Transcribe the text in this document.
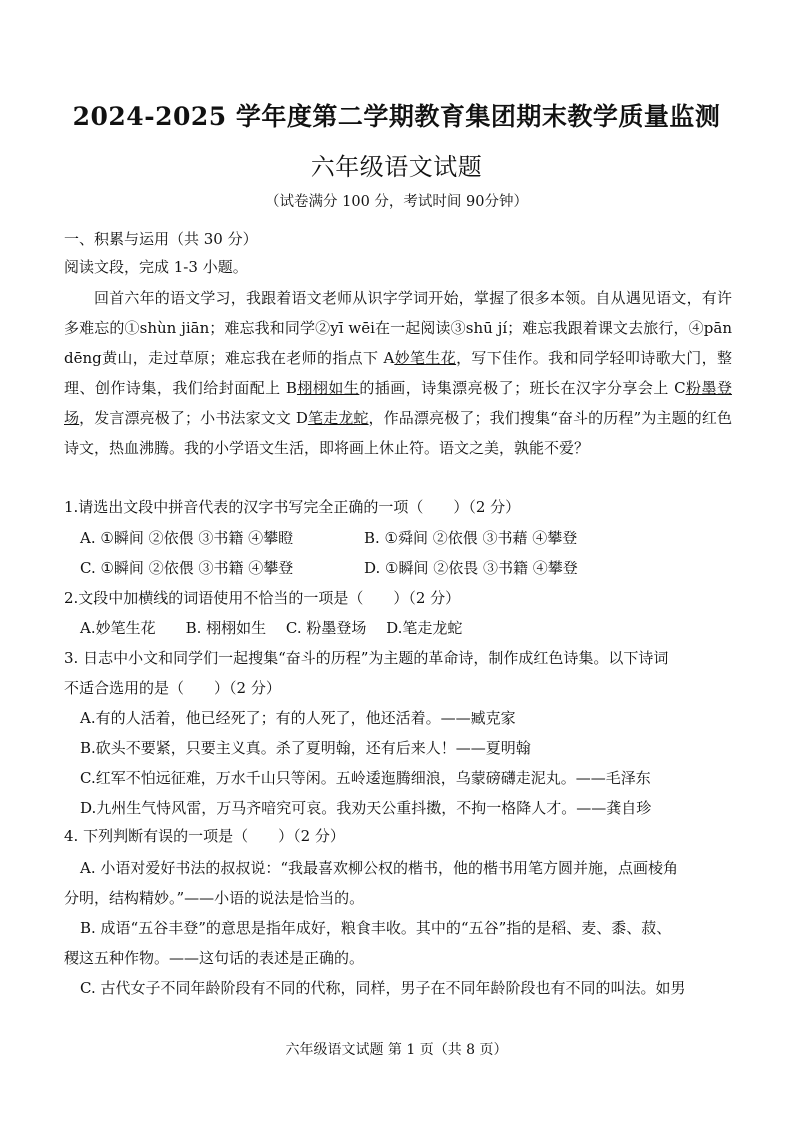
2024-2025 学年度第二学期教育集团期末教学质量监测
六年级语文试题
（试卷满分 100 分，考试时间 90分钟）
一、积累与运用（共 30 分）
阅读文段，完成 1-3 小题。
回首六年的语文学习，我跟着语文老师从识字学词开始，掌握了很多本领。自从遇见语文，有许多难忘的①shùn jiān；难忘我和同学②yī wēi在一起阅读③shū jí；难忘我跟着课文去旅行，④pān dēng黄山，走过草原；难忘我在老师的指点下 A妙笔生花，写下佳作。我和同学轻叩诗歌大门，整理、创作诗集，我们给封面配上 B栩栩如生的插画，诗集漂亮极了；班长在汉字分享会上 C粉墨登场，发言漂亮极了；小书法家文文 D笔走龙蛇，作品漂亮极了；我们搜集“奋斗的历程”为主题的红色诗文，热血沸腾。我的小学语文生活，即将画上休止符。语文之美，孰能不爱？
1.请选出文段中拼音代表的汉字书写完全正确的一项（　　）（2 分）
A. ①瞬间 ②依偎 ③书籍 ④攀瞪	B. ①舜间 ②依偎 ③书藉 ④攀登
C. ①瞬间 ②依偎 ③书籍 ④攀登	D. ①瞬间 ②依畏 ③书籍 ④攀登
2.文段中加横线的词语使用不恰当的一项是（　　）（2 分）
A.妙笔生花　　B. 栩栩如生　 C. 粉墨登场　 D.笔走龙蛇
3. 日志中小文和同学们一起搜集“奋斗的历程”为主题的革命诗，制作成红色诗集。以下诗词
不适合选用的是（　　）（2 分）
A.有的人活着，他已经死了；有的人死了，他还活着。——臧克家
B.砍头不要紧，只要主义真。杀了夏明翰，还有后来人！——夏明翰
C.红军不怕远征难，万水千山只等闲。五岭逶迤腾细浪，乌蒙磅礴走泥丸。——毛泽东
D.九州生气恃风雷，万马齐喑究可哀。我劝天公重抖擞，不拘一格降人才。——龚自珍
4. 下列判断有误的一项是（　　）（2 分）
A. 小语对爱好书法的叔叔说：“我最喜欢柳公权的楷书，他的楷书用笔方圆并施，点画棱角
分明，结构精妙。”——小语的说法是恰当的。
B. 成语“五谷丰登”的意思是指年成好，粮食丰收。其中的“五谷”指的是稻、麦、黍、菽、
稷这五种作物。——这句话的表述是正确的。
C. 古代女子不同年龄阶段有不同的代称，同样，男子在不同年龄阶段也有不同的叫法。如男
六年级语文试题 第 1 页（共 8 页）
